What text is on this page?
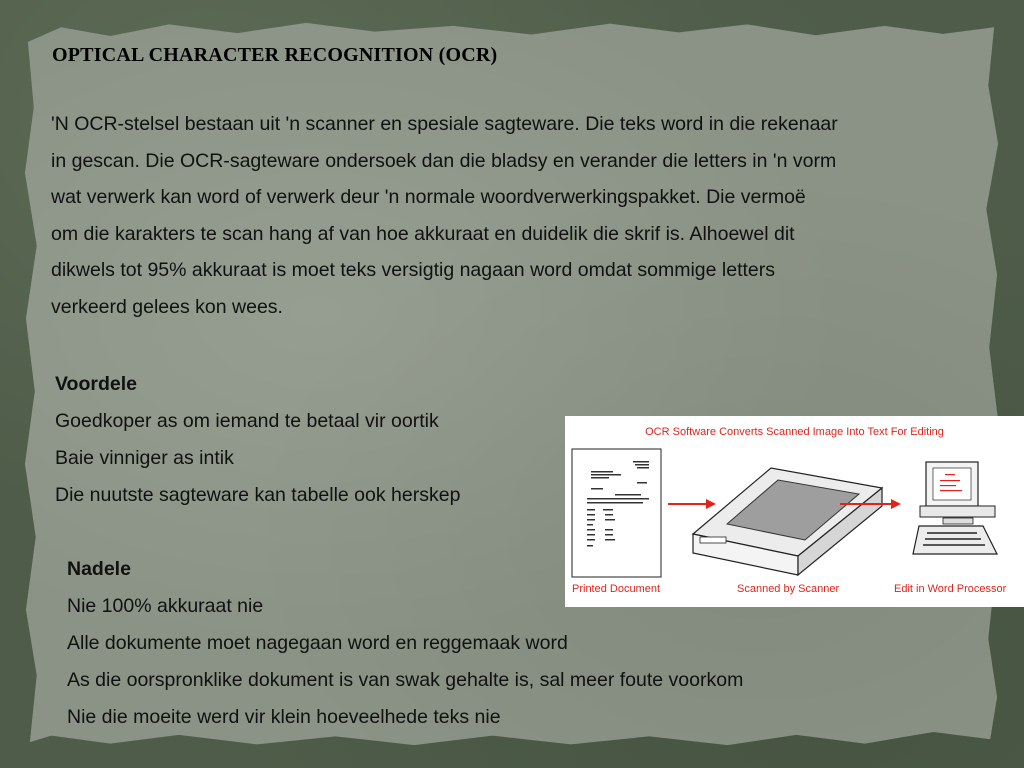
OPTICAL CHARACTER RECOGNITION (OCR)
'N OCR-stelsel bestaan uit 'n scanner en spesiale sagteware. Die teks word in die rekenaar
in gescan. Die OCR-sagteware ondersoek dan die bladsy en verander die letters in 'n vorm
wat verwerk kan word of verwerk deur 'n normale woordverwerkingspakket. Die vermoë
om die karakters te scan hang af van hoe akkuraat en duidelik die skrif is. Alhoewel dit
dikwels tot 95% akkuraat is moet teks versigtig nagaan word omdat sommige letters
verkeerd gelees kon wees.
Voordele
Goedkoper as om iemand te betaal vir oortik
Baie vinniger as intik
Die nuutste sagteware kan tabelle ook herskep
Nadele
Nie 100% akkuraat nie
Alle dokumente moet nagegaan word en reggemaak word
As die oorspronklike dokument is van swak gehalte is, sal meer foute voorkom
Nie die moeite werd vir klein hoeveelhede teks nie
OCR Software Converts Scanned Image Into Text For Editing
Printed Document	Scanned by Scanner	Edit in Word Processor
